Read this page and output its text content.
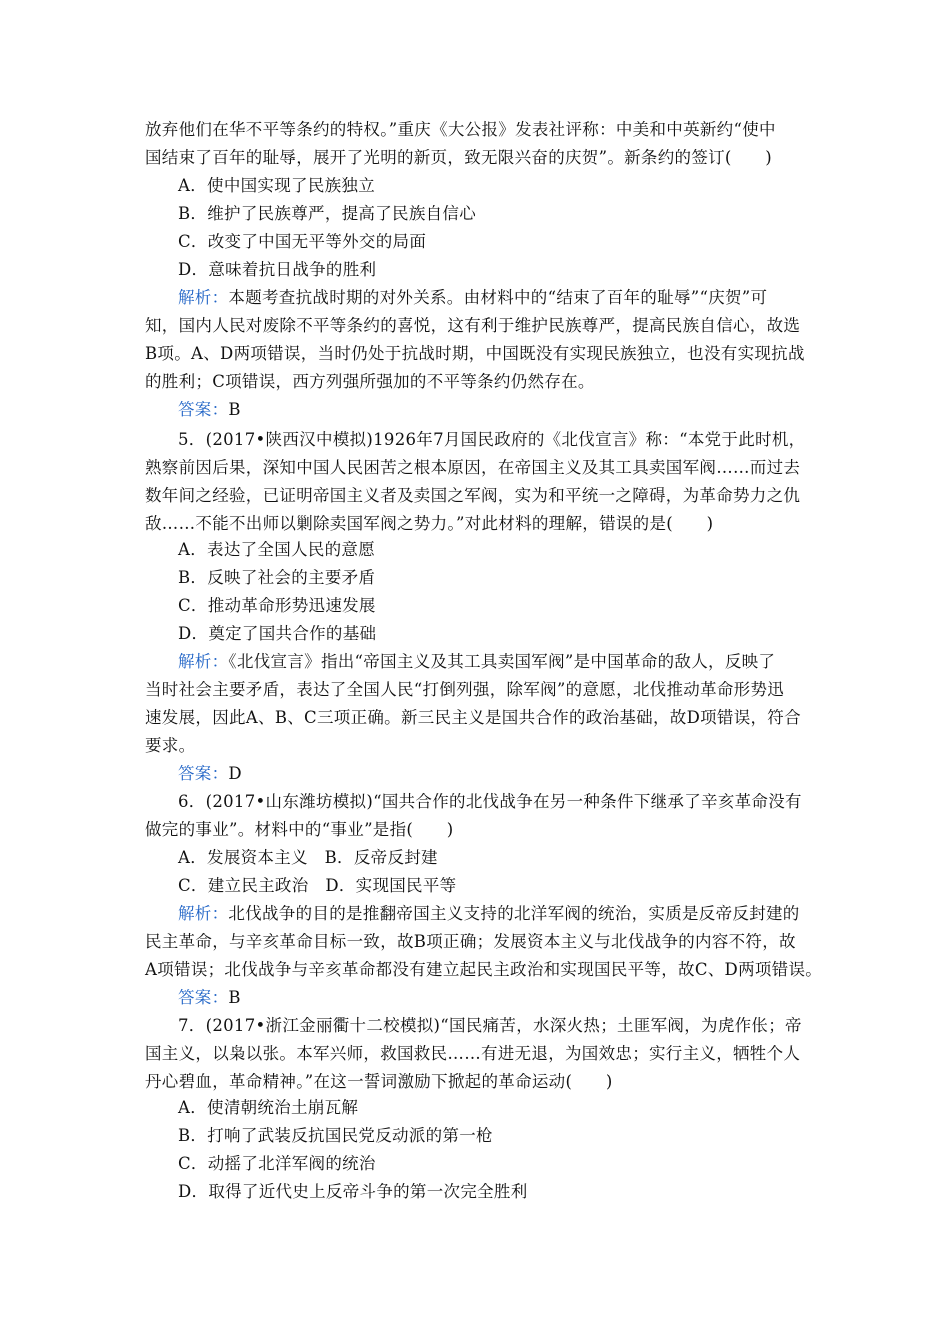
放弃他们在华不平等条约的特权。”重庆《大公报》发表社评称：中美和中英新约“使中
国结束了百年的耻辱，展开了光明的新页，致无限兴奋的庆贺”。新条约的签订(　　)
A．使中国实现了民族独立
B．维护了民族尊严，提高了民族自信心
C．改变了中国无平等外交的局面
D．意味着抗日战争的胜利
解析：本题考查抗战时期的对外关系。由材料中的“结束了百年的耻辱”“庆贺”可
知，国内人民对废除不平等条约的喜悦，这有利于维护民族尊严，提高民族自信心，故选
B项。A、D两项错误，当时仍处于抗战时期，中国既没有实现民族独立，也没有实现抗战
的胜利；C项错误，西方列强所强加的不平等条约仍然存在。
答案：B
5．(2017•陕西汉中模拟)1926年7月国民政府的《北伐宣言》称：“本党于此时机，
熟察前因后果，深知中国人民困苦之根本原因，在帝国主义及其工具卖国军阀……而过去
数年间之经验，已证明帝国主义者及卖国之军阀，实为和平统一之障碍，为革命势力之仇
敌……不能不出师以剿除卖国军阀之势力。”对此材料的理解，错误的是(　　)
A．表达了全国人民的意愿
B．反映了社会的主要矛盾
C．推动革命形势迅速发展
D．奠定了国共合作的基础
解析：《北伐宣言》指出“帝国主义及其工具卖国军阀”是中国革命的敌人，反映了
当时社会主要矛盾，表达了全国人民“打倒列强，除军阀”的意愿，北伐推动革命形势迅
速发展，因此A、B、C三项正确。新三民主义是国共合作的政治基础，故D项错误，符合
要求。
答案：D
6．(2017•山东潍坊模拟)“国共合作的北伐战争在另一种条件下继承了辛亥革命没有
做完的事业”。材料中的“事业”是指(　　)
A．发展资本主义　B．反帝反封建
C．建立民主政治　D．实现国民平等
解析：北伐战争的目的是推翻帝国主义支持的北洋军阀的统治，实质是反帝反封建的
民主革命，与辛亥革命目标一致，故B项正确；发展资本主义与北伐战争的内容不符，故
A项错误；北伐战争与辛亥革命都没有建立起民主政治和实现国民平等，故C、D两项错误。
答案：B
7．(2017•浙江金丽衢十二校模拟)“国民痛苦，水深火热；土匪军阀，为虎作伥；帝
国主义，以枭以张。本军兴师，救国救民……有进无退，为国效忠；实行主义，牺牲个人
丹心碧血，革命精神。”在这一誓词激励下掀起的革命运动(　　)
A．使清朝统治土崩瓦解
B．打响了武装反抗国民党反动派的第一枪
C．动摇了北洋军阀的统治
D．取得了近代史上反帝斗争的第一次完全胜利
